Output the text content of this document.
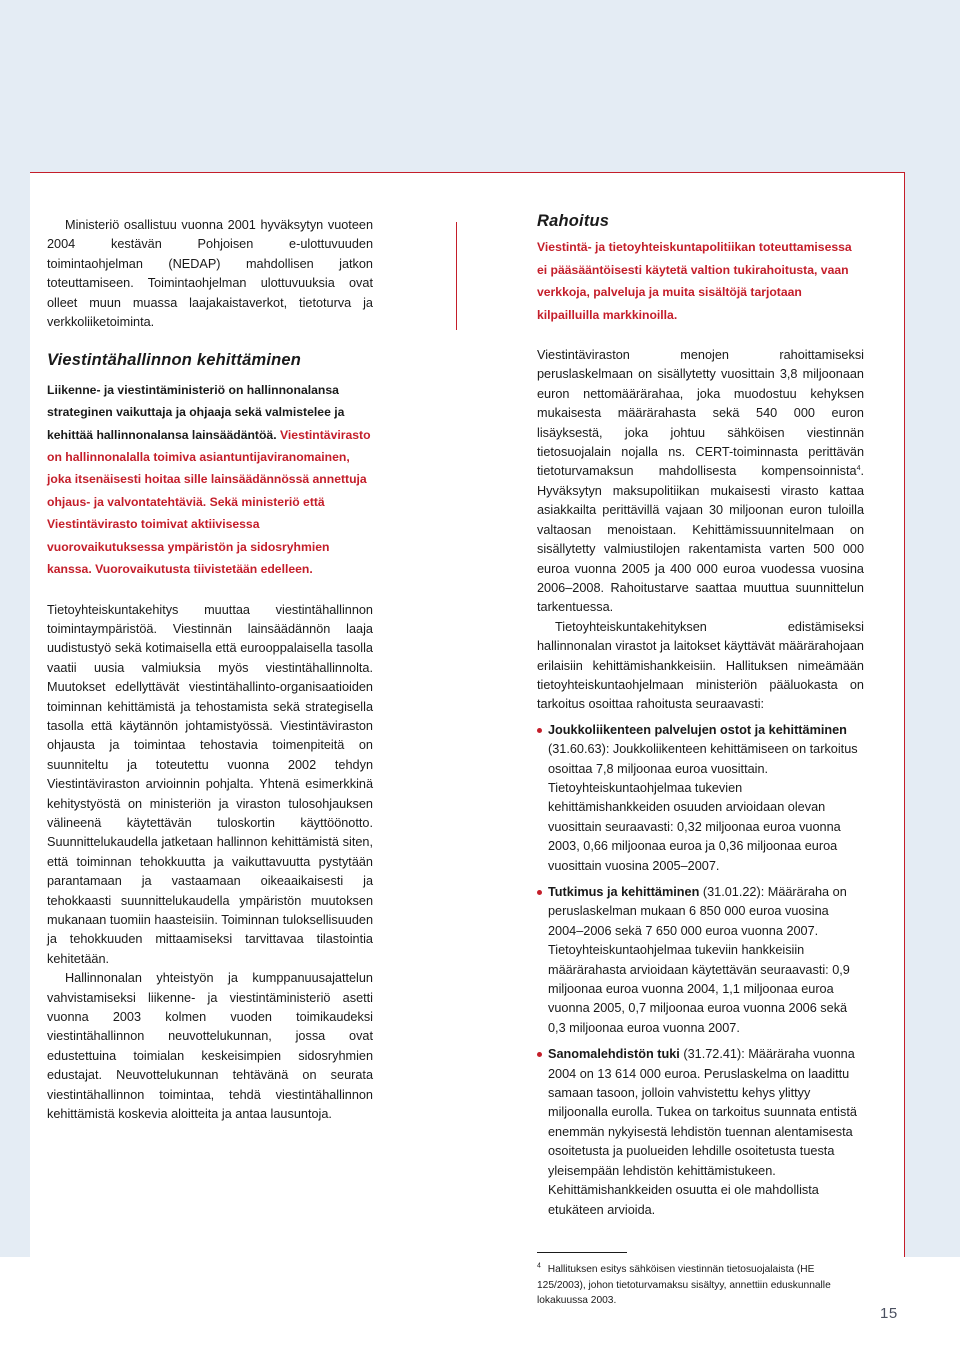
Ministeriö osallistuu vuonna 2001 hyväksytyn vuoteen 2004 kestävän Pohjoisen e-ulottuvuuden toimintaohjelman (NEDAP) mahdollisen jatkon toteuttamiseen. Toimintaohjelman ulottuvuuksia ovat olleet muun muassa laajakaistaverkot, tietoturva ja verkkoliiketoiminta.

Viestintähallinnon kehittäminen

Liikenne- ja viestintäministeriö on hallinnonalansa strateginen vaikuttaja ja ohjaaja sekä valmistelee ja kehittää hallinnonalansa lainsäädäntöä. Viestintävirasto on hallinnonalalla toimiva asiantuntijaviranomainen, joka itsenäisesti hoitaa sille lainsäädännössä annettuja ohjaus- ja valvontatehtäviä. Sekä ministeriö että Viestintävirasto toimivat aktiivisessa vuorovaikutuksessa ympäristön ja sidosryhmien kanssa. Vuorovaikutusta tiivistetään edelleen.

Tietoyhteiskuntakehitys muuttaa viestintähallinnon toimintaympäristöä. Viestinnän lainsäädännön laaja uudistustyö sekä kotimaisella että eurooppalaisella tasolla vaatii uusia valmiuksia myös viestintähallinnolta. Muutokset edellyttävät viestintähallinto-organisaatioiden toiminnan kehittämistä ja tehostamista sekä strategisella tasolla että käytännön johtamistyössä. Viestintäviraston ohjausta ja toimintaa tehostavia toimenpiteitä on suunniteltu ja toteutettu vuonna 2002 tehdyn Viestintäviraston arvioinnin pohjalta. Yhtenä esimerkkinä kehitystyöstä on ministeriön ja viraston tulosohjauksen välineenä käytettävän tuloskortin käyttöönotto. Suunnittelukaudella jatketaan hallinnon kehittämistä siten, että toiminnan tehokkuutta ja vaikuttavuutta pystytään parantamaan ja vastaamaan oikeaaikaisesti ja tehokkaasti suunnittelukaudella ympäristön muutoksen mukanaan tuomiin haasteisiin. Toiminnan tuloksellisuuden ja tehokkuuden mittaamiseksi tarvittavaa tilastointia kehitetään.

Hallinnonalan yhteistyön ja kumppanuusajattelun vahvistamiseksi liikenne- ja viestintäministeriö asetti vuonna 2003 kolmen vuoden toimikaudeksi viestintähallinnon neuvottelukunnan, jossa ovat edustettuina toimialan keskeisimpien sidosryhmien edustajat. Neuvottelukunnan tehtävänä on seurata viestintähallinnon toimintaa, tehdä viestintähallinnon kehittämistä koskevia aloitteita ja antaa lausuntoja.

Rahoitus

Viestintä- ja tietoyhteiskuntapolitiikan toteuttamisessa ei pääsääntöisesti käytetä valtion tukirahoitusta, vaan verkkoja, palveluja ja muita sisältöjä tarjotaan kilpailluilla markkinoilla.

Viestintäviraston menojen rahoittamiseksi peruslaskelmaan on sisällytetty vuosittain 3,8 miljoonaan euron nettomäärärahaa, joka muodostuu kehyksen mukaisesta määrärahasta sekä 540 000 euron lisäyksestä, joka johtuu sähköisen viestinnän tietosuojalain nojalla ns. CERT-toiminnasta perittävän tietoturvamaksun mahdollisesta kompensoinnista$^4$. Hyväksytyn maksupolitiikan mukaisesti virasto kattaa asiakkailta perittävillä vajaan 30 miljoonan euron tuloilla valtaosan menoistaan. Kehittämissuunnitelmaan on sisällytetty valmiustilojen rakentamista varten 500 000 euroa vuonna 2005 ja 400 000 euroa vuodessa vuosina 2006–2008. Rahoitustarve saattaa muuttua suunnittelun tarkentuessa.

Tietoyhteiskuntakehityksen edistämiseksi hallinnonalan virastot ja laitokset käyttävät määrärahojaan erilaisiin kehittämishankkeisiin. Hallituksen nimeämään tietoyhteiskuntaohjelmaan ministeriön pääluokasta on tarkoitus osoittaa rahoitusta seuraavasti:

Joukkoliikenteen palvelujen ostot ja kehittäminen (31.60.63): Joukkoliikenteen kehittämiseen on tarkoitus osoittaa 7,8 miljoonaa euroa vuosittain. Tietoyhteiskuntaohjelmaa tukevien kehittämishankkeiden osuuden arvioidaan olevan vuosittain seuraavasti: 0,32 miljoonaa euroa vuonna 2003, 0,66 miljoonaa euroa ja 0,36 miljoonaa euroa vuosittain vuosina 2005–2007.
Tutkimus ja kehittäminen (31.01.22): Määräraha on peruslaskelman mukaan 6 850 000 euroa vuosina 2004–2006 sekä 7 650 000 euroa vuonna 2007. Tietoyhteiskuntaohjelmaa tukeviin hankkeisiin määrärahasta arvioidaan käytettävän seuraavasti: 0,9 miljoonaa euroa vuonna 2004, 1,1 miljoonaa euroa vuonna 2005, 0,7 miljoonaa euroa vuonna 2006 sekä 0,3 miljoonaa euroa vuonna 2007.
Sanomalehdistön tuki (31.72.41): Määräraha vuonna 2004 on 13 614 000 euroa. Peruslaskelma on laadittu samaan tasoon, jolloin vahvistettu kehys ylittyy miljoonalla eurolla. Tukea on tarkoitus suunnata entistä enemmän nykyisestä lehdistön tuennan alentamisesta osoitetusta ja puolueiden lehdille osoitetusta tuesta yleisempään lehdistön kehittämistukeen. Kehittämishankkeiden osuutta ei ole mahdollista etukäteen arvioida.
$^4$ Hallituksen esitys sähköisen viestinnän tietosuojalaista (HE 125/2003), johon tietoturvamaksu sisältyy, annettiin eduskunnalle lokakuussa 2003.
15
